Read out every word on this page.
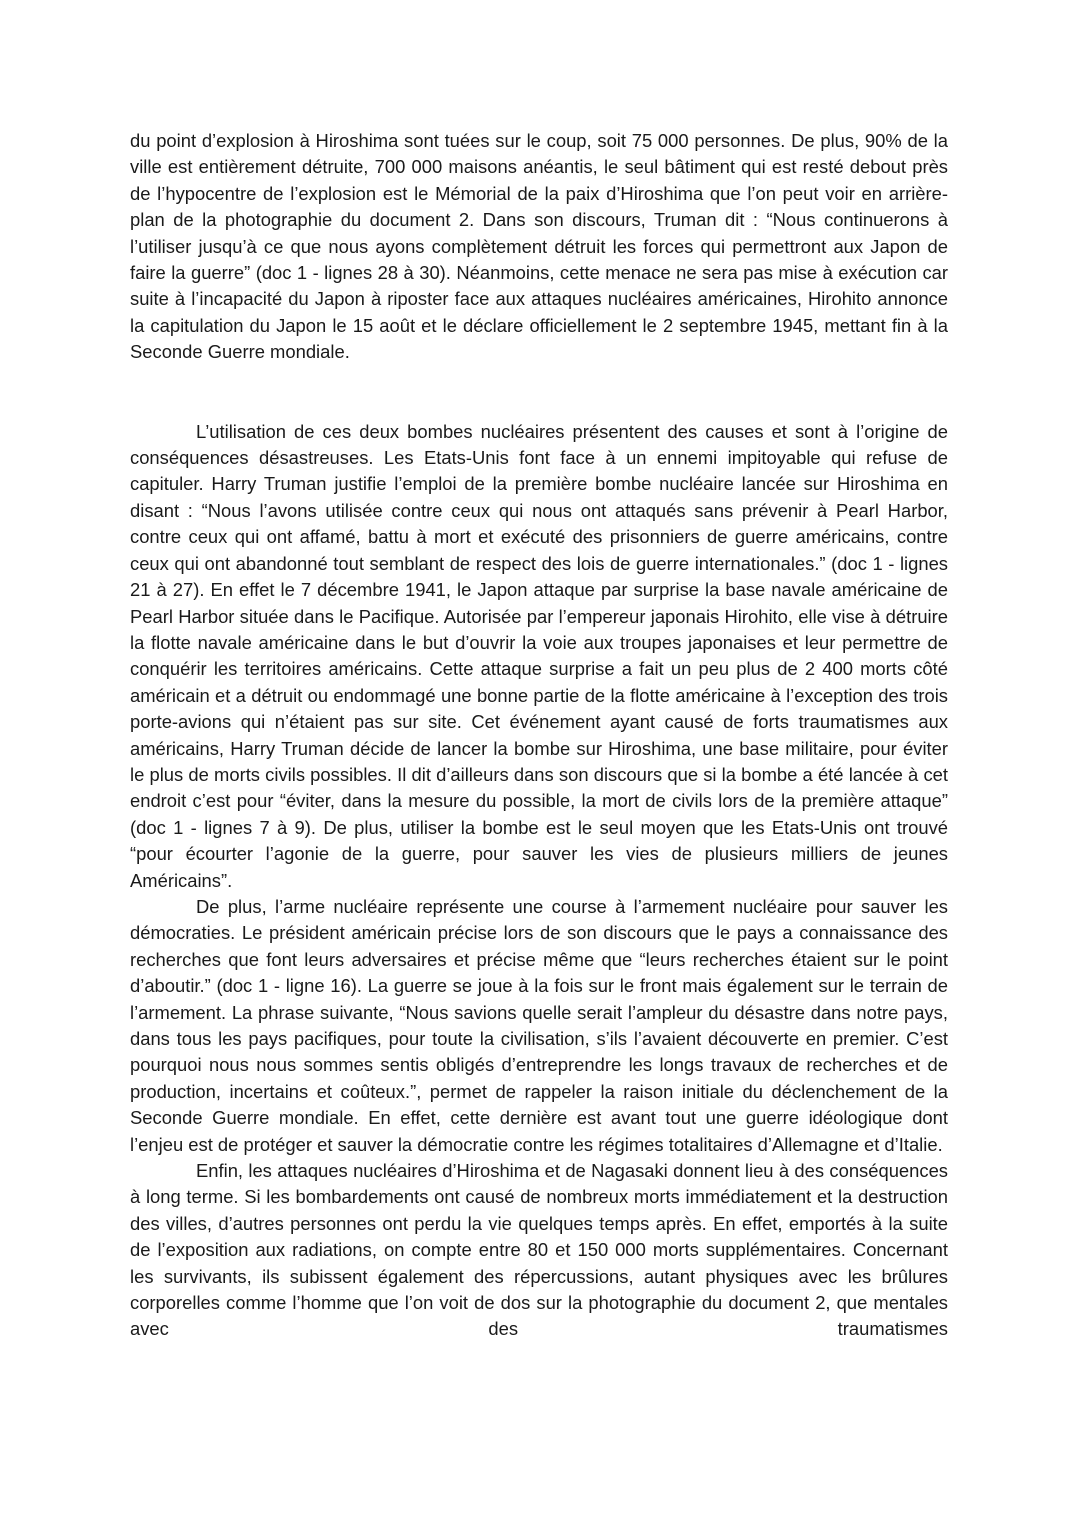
du point d’explosion à Hiroshima sont tuées sur le coup, soit 75 000 personnes. De plus, 90% de la ville est entièrement détruite, 700 000 maisons anéantis, le seul bâtiment qui est resté debout près de l’hypocentre de l’explosion est le Mémorial de la paix d’Hiroshima que l’on peut voir en arrière-plan de la photographie du document 2. Dans son discours, Truman dit : “Nous continuerons à l’utiliser jusqu’à ce que nous ayons complètement détruit les forces qui permettront aux Japon de faire la guerre” (doc 1 - lignes 28 à 30). Néanmoins, cette menace ne sera pas mise à exécution car suite à l’incapacité du Japon à riposter face aux attaques nucléaires américaines, Hirohito annonce la capitulation du Japon le 15 août et le déclare officiellement le 2 septembre 1945, mettant fin à la Seconde Guerre mondiale.

L’utilisation de ces deux bombes nucléaires présentent des causes et sont à l’origine de conséquences désastreuses. Les Etats-Unis font face à un ennemi impitoyable qui refuse de capituler. Harry Truman justifie l’emploi de la première bombe nucléaire lancée sur Hiroshima en disant : “Nous l’avons utilisée contre ceux qui nous ont attaqués sans prévenir à Pearl Harbor, contre ceux qui ont affamé, battu à mort et exécuté des prisonniers de guerre américains, contre ceux qui ont abandonné tout semblant de respect des lois de guerre internationales.” (doc 1 - lignes 21 à 27). En effet le 7 décembre 1941, le Japon attaque par surprise la base navale américaine de Pearl Harbor située dans le Pacifique. Autorisée par l’empereur japonais Hirohito, elle vise à détruire la flotte navale américaine dans le but d’ouvrir la voie aux troupes japonaises et leur permettre de conquérir les territoires américains. Cette attaque surprise a fait un peu plus de 2 400 morts côté américain et a détruit ou endommagé une bonne partie de la flotte américaine à l’exception des trois porte-avions qui n’étaient pas sur site. Cet événement ayant causé de forts traumatismes aux américains, Harry Truman décide de lancer la bombe sur Hiroshima, une base militaire, pour éviter le plus de morts civils possibles. Il dit d’ailleurs dans son discours que si la bombe a été lancée à cet endroit c’est pour “éviter, dans la mesure du possible, la mort de civils lors de la première attaque” (doc 1 - lignes 7 à 9). De plus, utiliser la bombe est le seul moyen que les Etats-Unis ont trouvé “pour écourter l’agonie de la guerre, pour sauver les vies de plusieurs milliers de jeunes Américains”.

De plus, l’arme nucléaire représente une course à l’armement nucléaire pour sauver les démocraties. Le président américain précise lors de son discours que le pays a connaissance des recherches que font leurs adversaires et précise même que “leurs recherches étaient sur le point d’aboutir.” (doc 1 - ligne 16). La guerre se joue à la fois sur le front mais également sur le terrain de l’armement. La phrase suivante, “Nous savions quelle serait l’ampleur du désastre dans notre pays, dans tous les pays pacifiques, pour toute la civilisation, s’ils l’avaient découverte en premier. C’est pourquoi nous nous sommes sentis obligés d’entreprendre les longs travaux de recherches et de production, incertains et coûteux.”, permet de rappeler la raison initiale du déclenchement de la Seconde Guerre mondiale. En effet, cette dernière est avant tout une guerre idéologique dont l’enjeu est de protéger et sauver la démocratie contre les régimes totalitaires d’Allemagne et d’Italie.

Enfin, les attaques nucléaires d’Hiroshima et de Nagasaki donnent lieu à des conséquences à long terme. Si les bombardements ont causé de nombreux morts immédiatement et la destruction des villes, d’autres personnes ont perdu la vie quelques temps après. En effet, emportés à la suite de l’exposition aux radiations, on compte entre 80 et 150 000 morts supplémentaires. Concernant les survivants, ils subissent également des répercussions, autant physiques avec les brûlures corporelles comme l’homme que l’on voit de dos sur la photographie du document 2, que mentales avec des traumatismes
